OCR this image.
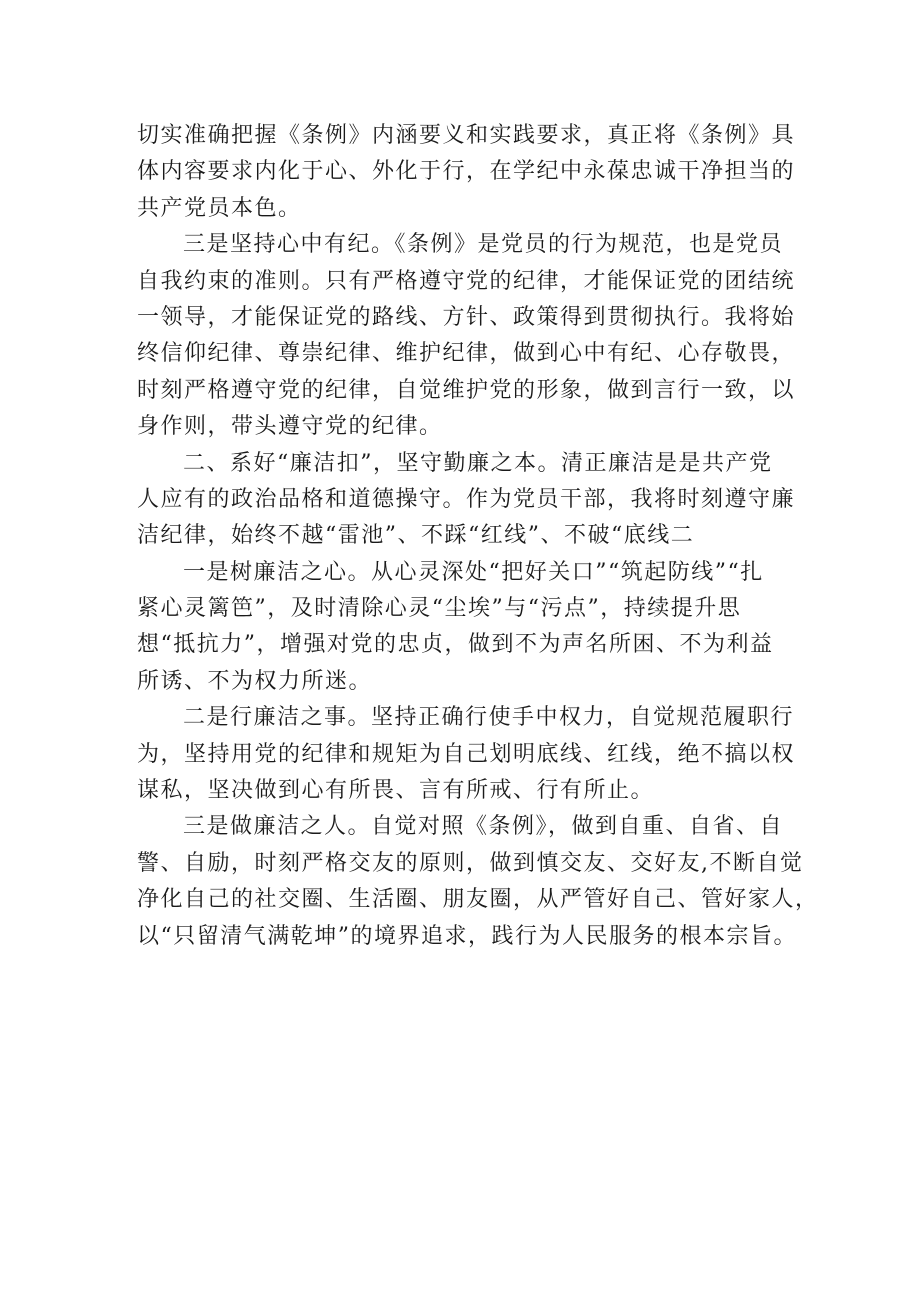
切实准确把握《条例》内涵要义和实践要求，真正将《条例》具
体内容要求内化于心、外化于行，在学纪中永葆忠诚干净担当的
共产党员本色。
三是坚持心中有纪。《条例》是党员的行为规范，也是党员
自我约束的准则。只有严格遵守党的纪律，才能保证党的团结统
一领导，才能保证党的路线、方针、政策得到贯彻执行。我将始
终信仰纪律、尊崇纪律、维护纪律，做到心中有纪、心存敬畏，
时刻严格遵守党的纪律，自觉维护党的形象，做到言行一致，以
身作则，带头遵守党的纪律。
二、系好“廉洁扣”，坚守勤廉之本。清正廉洁是是共产党
人应有的政治品格和道德操守。作为党员干部，我将时刻遵守廉
洁纪律，始终不越“雷池”、不踩“红线”、不破“底线二
一是树廉洁之心。从心灵深处“把好关口”“筑起防线”“扎
紧心灵篱笆”，及时清除心灵“尘埃”与“污点”，持续提升思
想“抵抗力”，增强对党的忠贞，做到不为声名所困、不为利益
所诱、不为权力所迷。
二是行廉洁之事。坚持正确行使手中权力，自觉规范履职行
为，坚持用党的纪律和规矩为自己划明底线、红线，绝不搞以权
谋私，坚决做到心有所畏、言有所戒、行有所止。
三是做廉洁之人。自觉对照《条例》，做到自重、自省、自
警、自励，时刻严格交友的原则，做到慎交友、交好友,不断自觉
净化自己的社交圈、生活圈、朋友圈，从严管好自己、管好家人，
以“只留清气满乾坤”的境界追求，践行为人民服务的根本宗旨。
